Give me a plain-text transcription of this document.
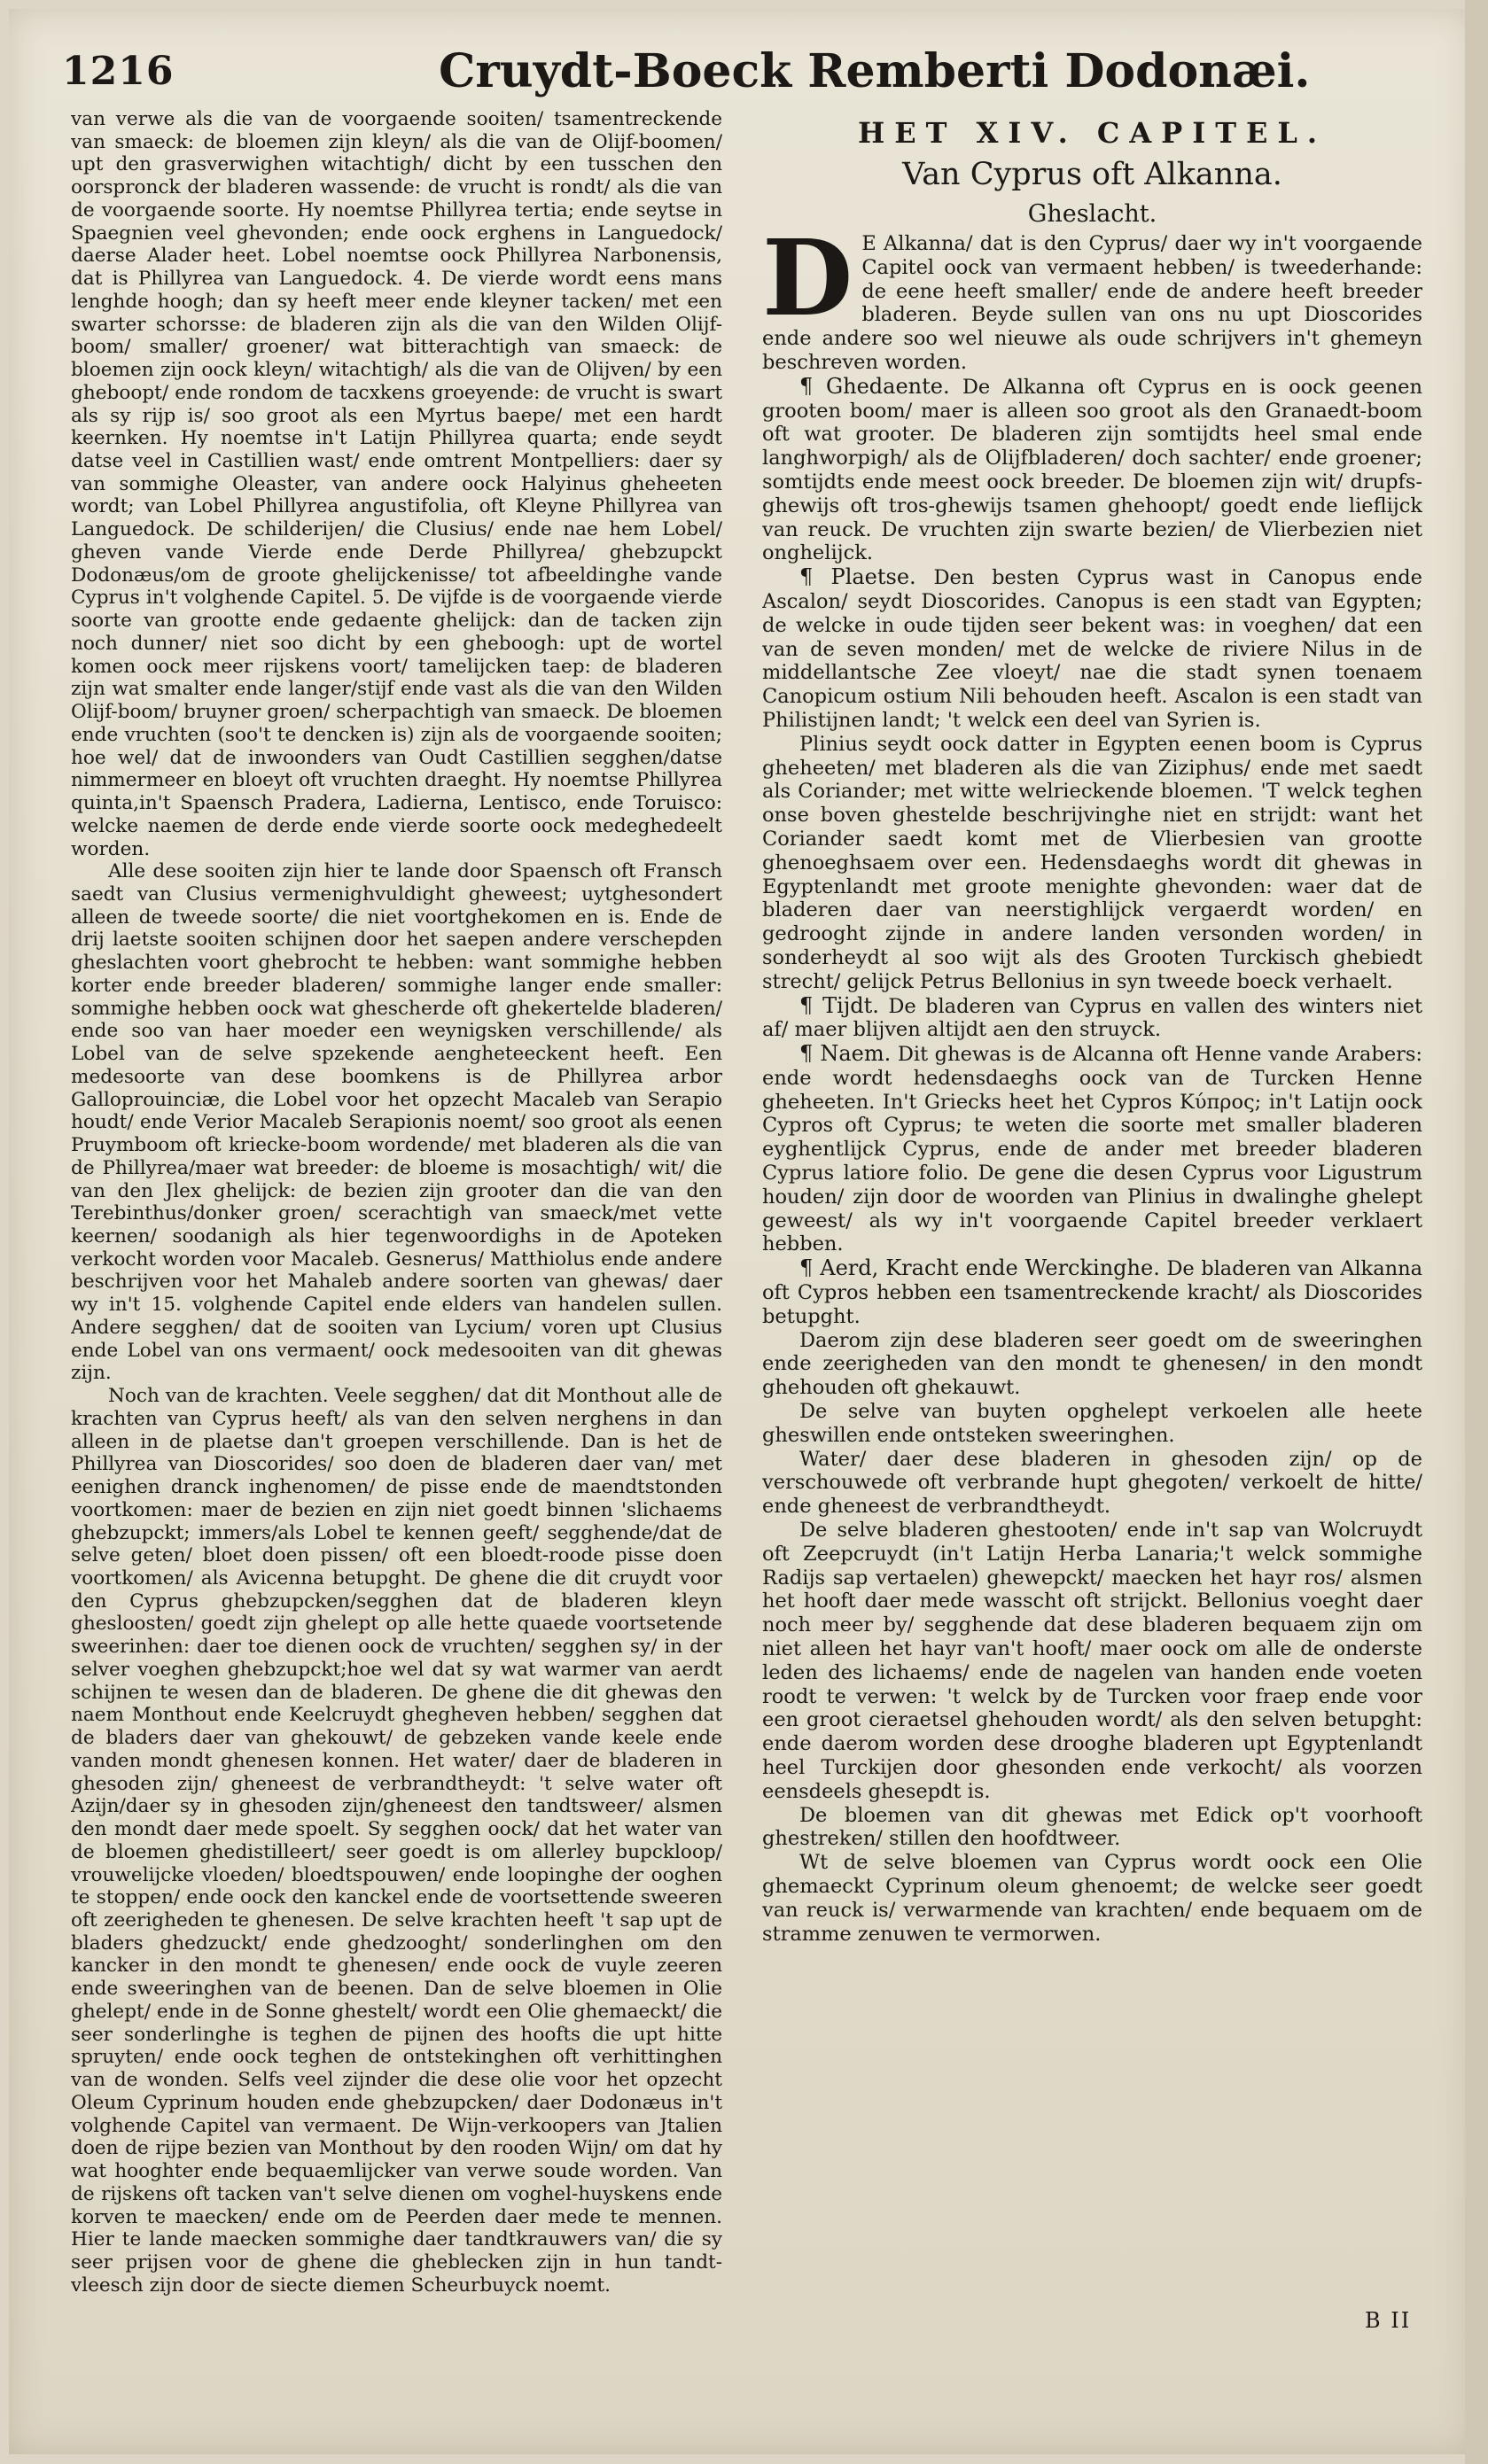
1216	Cruydt-Boeck Remberti Dodonæi.

van verwe als die van de voorgaende sooiten/ tsamentreckende van smaeck: de bloemen zijn kleyn/ als die van de Olijf-boomen/ upt den grasverwighen witachtigh/ dicht by een tusschen den oorspronck der bladeren wassende: de vrucht is rondt/ als die van de voorgaende soorte. Hy noemtse Phillyrea tertia; ende seytse in Spaegnien veel ghevonden; ende oock erghens in Languedock/ daerse Alader heet. Lobel noemtse oock Phillyrea Narbonensis, dat is Phillyrea van Languedock. 4. De vierde wordt eens mans lenghde hoogh; dan sy heeft meer ende kleyner tacken/ met een swarter schorsse: de bladeren zijn als die van den Wilden Olijf-boom/ smaller/ groener/ wat bitterachtigh van smaeck: de bloemen zijn oock kleyn/ witachtigh/ als die van de Olijven/ by een gheboopt/ ende rondom de tacxkens groeyende: de vrucht is swart als sy rijp is/ soo groot als een Myrtus baepe/ met een hardt keernken. Hy noemtse in't Latijn Phillyrea quarta; ende seydt datse veel in Castillien wast/ ende omtrent Montpelliers: daer sy van sommighe Oleaster, van andere oock Halyinus gheheeten wordt; van Lobel Phillyrea angustifolia, oft Kleyne Phillyrea van Languedock. De schilderijen/ die Clusius/ ende nae hem Lobel/ gheven vande Vierde ende Derde Phillyrea/ ghebzupckt Dodonæus/om de groote ghelijckenisse/ tot afbeeldinghe vande Cyprus in't volghende Capitel. 5. De vijfde is de voorgaende vierde soorte van grootte ende gedaente ghelijck: dan de tacken zijn noch dunner/ niet soo dicht by een gheboogh: upt de wortel komen oock meer rijskens voort/ tamelijcken taep: de bladeren zijn wat smalter ende langer/stijf ende vast als die van den Wilden Olijf-boom/ bruyner groen/ scherpachtigh van smaeck. De bloemen ende vruchten (soo't te dencken is) zijn als de voorgaende sooiten; hoe wel/ dat de inwoonders van Oudt Castillien segghen/datse nimmermeer en bloeyt oft vruchten draeght. Hy noemtse Phillyrea quinta,in't Spaensch Pradera, Ladierna, Lentisco, ende Toruisco: welcke naemen de derde ende vierde soorte oock medeghedeelt worden.

Alle dese sooiten zijn hier te lande door Spaensch oft Fransch saedt van Clusius vermenighvuldight gheweest; uytghesondert alleen de tweede soorte/ die niet voortghekomen en is. Ende de drij laetste sooiten schijnen door het saepen andere verschepden gheslachten voort ghebrocht te hebben: want sommighe hebben korter ende breeder bladeren/ sommighe langer ende smaller: sommighe hebben oock wat ghescherde oft ghekertelde bladeren/ ende soo van haer moeder een weynigsken verschillende/ als Lobel van de selve spzekende aengheteeckent heeft. Een medesoorte van dese boomkens is de Phillyrea arbor Galloprouinciæ, die Lobel voor het opzecht Macaleb van Serapio houdt/ ende Verior Macaleb Serapionis noemt/ soo groot als eenen Pruymboom oft kriecke-boom wordende/ met bladeren als die van de Phillyrea/maer wat breeder: de bloeme is mosachtigh/ wit/ die van den Jlex ghelijck: de bezien zijn grooter dan die van den Terebinthus/donker groen/ scerachtigh van smaeck/met vette keernen/ soodanigh als hier tegenwoordighs in de Apoteken verkocht worden voor Macaleb. Gesnerus/ Matthiolus ende andere beschrijven voor het Mahaleb andere soorten van ghewas/ daer wy in't 15. volghende Capitel ende elders van handelen sullen. Andere segghen/ dat de sooiten van Lycium/ voren upt Clusius ende Lobel van ons vermaent/ oock medesooiten van dit ghewas zijn.

Noch van de krachten. Veele segghen/ dat dit Monthout alle de krachten van Cyprus heeft/ als van den selven nerghens in dan alleen in de plaetse dan't groepen verschillende. Dan is het de Phillyrea van Dioscorides/ soo doen de bladeren daer van/ met eenighen dranck inghenomen/ de pisse ende de maendtstonden voortkomen: maer de bezien en zijn niet goedt binnen 'slichaems ghebzupckt; immers/als Lobel te kennen geeft/ segghende/dat de selve geten/ bloet doen pissen/ oft een bloedt-roode pisse doen voortkomen/ als Avicenna betupght. De ghene die dit cruydt voor den Cyprus ghebzupcken/segghen dat de bladeren kleyn ghesloosten/ goedt zijn ghelept op alle hette quaede voortsetende sweerinhen: daer toe dienen oock de vruchten/ segghen sy/ in der selver voeghen ghebzupckt;hoe wel dat sy wat warmer van aerdt schijnen te wesen dan de bladeren. De ghene die dit ghewas den naem Monthout ende Keelcruydt ghegheven hebben/ segghen dat de bladers daer van ghekouwt/ de gebzeken vande keele ende vanden mondt ghenesen konnen. Het water/ daer de bladeren in ghesoden zijn/ gheneest de verbrandtheydt: 't selve water oft Azijn/daer sy in ghesoden zijn/gheneest den tandtsweer/ alsmen den mondt daer mede spoelt. Sy segghen oock/ dat het water van de bloemen ghedistilleert/ seer goedt is om allerley bupckloop/ vrouwelijcke vloeden/ bloedtspouwen/ ende loopinghe der ooghen te stoppen/ ende oock den kanckel ende de voortsettende sweeren oft zeerigheden te ghenesen. De selve krachten heeft 't sap upt de bladers ghedzuckt/ ende ghedzooght/ sonderlinghen om den kancker in den mondt te ghenesen/ ende oock de vuyle zeeren ende sweeringhen van de beenen. Dan de selve bloemen in Olie ghelept/ ende in de Sonne ghestelt/ wordt een Olie ghemaeckt/ die seer sonderlinghe is teghen de pijnen des hoofts die upt hitte spruyten/ ende oock teghen de ontstekinghen oft verhittinghen van de wonden. Selfs veel zijnder die dese olie voor het opzecht Oleum Cyprinum houden ende ghebzupcken/ daer Dodonæus in't volghende Capitel van vermaent. De Wijn-verkoopers van Jtalien doen de rijpe bezien van Monthout by den rooden Wijn/ om dat hy wat hooghter ende bequaemlijcker van verwe soude worden. Van de rijskens oft tacken van't selve dienen om voghel-huyskens ende korven te maecken/ ende om de Peerden daer mede te mennen. Hier te lande maecken sommighe daer tandtkrauwers van/ die sy seer prijsen voor de ghene die gheblecken zijn in hun tandt-vleesch zijn door de siecte diemen Scheurbuyck noemt.

HET XIV. CAPITEL.
Van Cyprus oft Alkanna.
Gheslacht.

D E Alkanna/ dat is den Cyprus/ daer wy in't voorgaende Capitel oock van vermaent hebben/ is tweederhande: de eene heeft smaller/ ende de andere heeft breeder bladeren. Beyde sullen van ons nu upt Dioscorides ende andere soo wel nieuwe als oude schrijvers in't ghemeyn beschreven worden.

¶ Ghedaente. De Alkanna oft Cyprus en is oock geenen grooten boom/ maer is alleen soo groot als den Granaedt-boom oft wat grooter. De bladeren zijn somtijdts heel smal ende langhworpigh/ als de Olijfbladeren/ doch sachter/ ende groener; somtijdts ende meest oock breeder. De bloemen zijn wit/ drupfs-ghewijs oft tros-ghewijs tsamen ghehoopt/ goedt ende lieflijck van reuck. De vruchten zijn swarte bezien/ de Vlierbezien niet onghelijck.

¶ Plaetse. Den besten Cyprus wast in Canopus ende Ascalon/ seydt Dioscorides. Canopus is een stadt van Egypten; de welcke in oude tijden seer bekent was: in voeghen/ dat een van de seven monden/ met de welcke de riviere Nilus in de middellantsche Zee vloeyt/ nae die stadt synen toenaem Canopicum ostium Nili behouden heeft. Ascalon is een stadt van Philistijnen landt; 't welck een deel van Syrien is.

Plinius seydt oock datter in Egypten eenen boom is Cyprus gheheeten/ met bladeren als die van Ziziphus/ ende met saedt als Coriander; met witte welrieckende bloemen. 'T welck teghen onse boven ghestelde beschrijvinghe niet en strijdt: want het Coriander saedt komt met de Vlierbesien van grootte ghenoeghsaem over een. Hedensdaeghs wordt dit ghewas in Egyptenlandt met groote menighte ghevonden: waer dat de bladeren daer van neerstighlijck vergaerdt worden/ en gedrooght zijnde in andere landen versonden worden/ in sonderheydt al soo wijt als des Grooten Turckisch ghebiedt strecht/ gelijck Petrus Bellonius in syn tweede boeck verhaelt.

¶ Tijdt. De bladeren van Cyprus en vallen des winters niet af/ maer blijven altijdt aen den struyck.

¶ Naem. Dit ghewas is de Alcanna oft Henne vande Arabers: ende wordt hedensdaeghs oock van de Turcken Henne gheheeten. In't Griecks heet het Cypros Κύπρος; in't Latijn oock Cypros oft Cyprus; te weten die soorte met smaller bladeren eyghentlijck Cyprus, ende de ander met breeder bladeren Cyprus latiore folio. De gene die desen Cyprus voor Ligustrum houden/ zijn door de woorden van Plinius in dwalinghe ghelept geweest/ als wy in't voorgaende Capitel breeder verklaert hebben.

¶ Aerd, Kracht ende Werckinghe. De bladeren van Alkanna oft Cypros hebben een tsamentreckende kracht/ als Dioscorides betupght.

Daerom zijn dese bladeren seer goedt om de sweeringhen ende zeerigheden van den mondt te ghenesen/ in den mondt ghehouden oft ghekauwt.

De selve van buyten opghelept verkoelen alle heete gheswillen ende ontsteken sweeringhen.

Water/ daer dese bladeren in ghesoden zijn/ op de verschouwede oft verbrande hupt ghegoten/ verkoelt de hitte/ ende gheneest de verbrandtheydt.

De selve bladeren ghestooten/ ende in't sap van Wolcruydt oft Zeepcruydt (in't Latijn Herba Lanaria;'t welck sommighe Radijs sap vertaelen) ghewepckt/ maecken het hayr ros/ alsmen het hooft daer mede wasscht oft strijckt. Bellonius voeght daer noch meer by/ segghende dat dese bladeren bequaem zijn om niet alleen het hayr van't hooft/ maer oock om alle de onderste leden des lichaems/ ende de nagelen van handen ende voeten roodt te verwen: 't welck by de Turcken voor fraep ende voor een groot cieraetsel ghehouden wordt/ als den selven betupght: ende daerom worden dese drooghe bladeren upt Egyptenlandt heel Turckijen door ghesonden ende verkocht/ als voorzen eensdeels ghesepdt is.

De bloemen van dit ghewas met Edick op't voorhooft ghestreken/ stillen den hoofdtweer.

Wt de selve bloemen van Cyprus wordt oock een Olie ghemaeckt Cyprinum oleum ghenoemt; de welcke seer goedt van reuck is/ verwarmende van krachten/ ende bequaem om de stramme zenuwen te vermorwen.

B II
